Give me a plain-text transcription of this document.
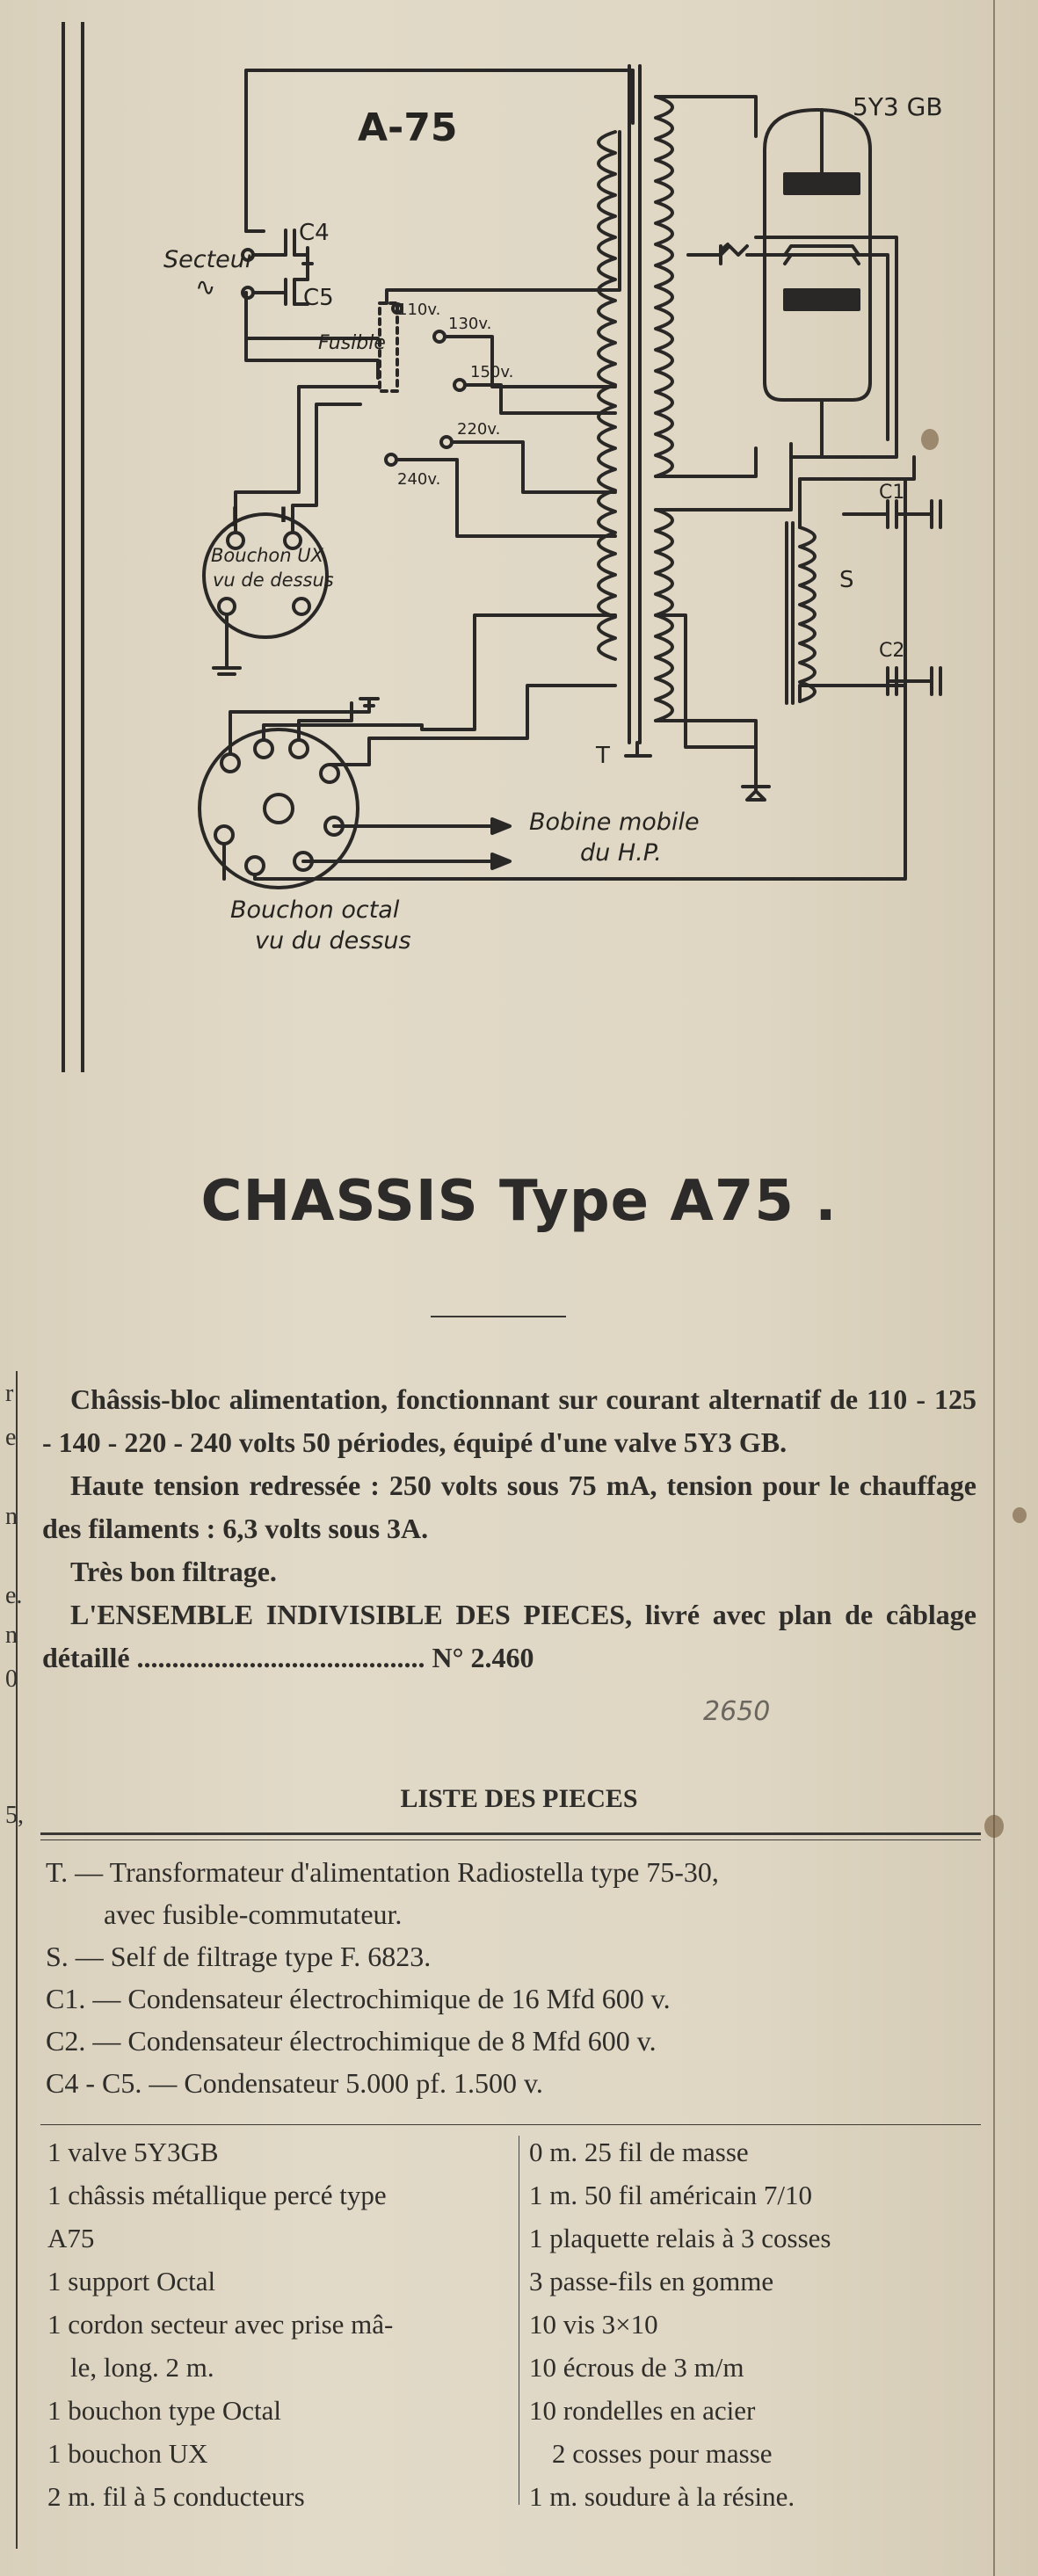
A-75	5Y3 GB
Secteur
∿
C4
C5
Fusible
110v.
130v.
150v.
220v.
240v.
J I
Bouchon UX
vu de dessus
T
S
C1
C2
Bobine mobile
du H.P.
Bouchon octal
vu du dessus
CHASSIS Type A75 .
r
e
n
e.
n
0
5,

Châssis-bloc alimentation, fonctionnant sur courant alternatif de 110 - 125 - 140 - 220 - 240 volts 50 périodes, équipé d'une valve 5Y3 GB.

Haute tension redressée : 250 volts sous 75 mA, tension pour le chauffage des filaments : 6,3 volts sous 3A.

Très bon filtrage.

L'ENSEMBLE INDIVISIBLE DES PIECES, livré avec plan de câblage détaillé ......................................... N° 2.460

2650
LISTE DES PIECES
T. — Transformateur d'alimentation Radiostella type 75-30,
avec fusible-commutateur.
S. — Self de filtrage type F. 6823.
C1. — Condensateur électrochimique de 16 Mfd 600 v.
C2. — Condensateur électrochimique de 8 Mfd 600 v.
C4 - C5. — Condensateur 5.000 pf. 1.500 v.
1 valve 5Y3GB
1 châssis métallique percé type
A75
1 support Octal
1 cordon secteur avec prise mâ-
le, long. 2 m.
1 bouchon type Octal
1 bouchon UX
2 m. fil à 5 conducteurs
0 m. 25 fil de masse
1 m. 50 fil américain 7/10
1 plaquette relais à 3 cosses
3 passe-fils en gomme
10 vis 3×10
10 écrous de 3 m/m
10 rondelles en acier
2 cosses pour masse
1 m. soudure à la résine.
